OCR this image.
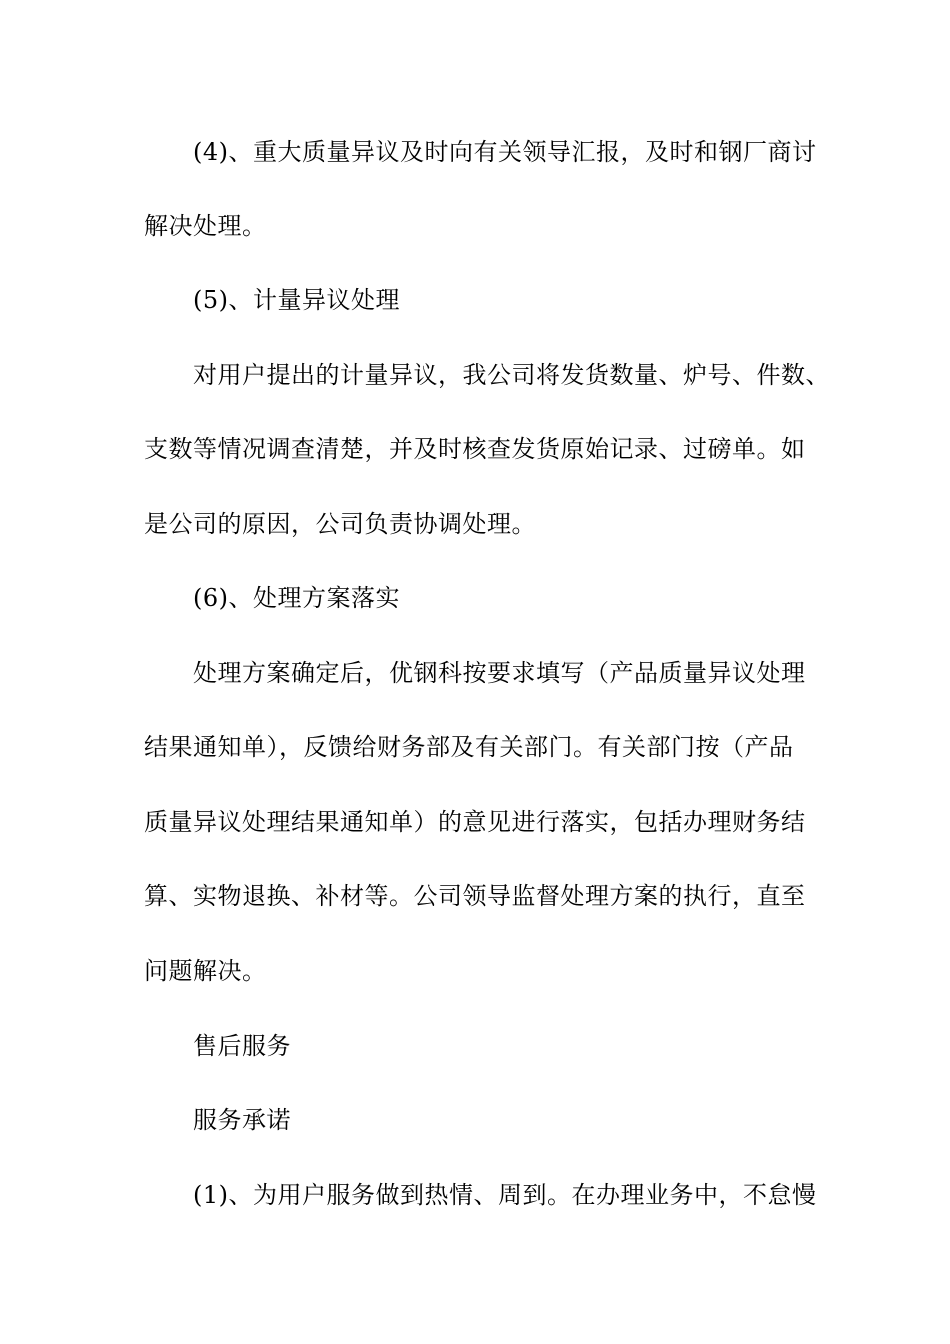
(4)、重大质量异议及时向有关领导汇报，及时和钢厂商讨
解决处理。
(5)、计量异议处理
对用户提出的计量异议，我公司将发货数量、炉号、件数、
支数等情况调查清楚，并及时核查发货原始记录、过磅单。如
是公司的原因，公司负责协调处理。
(6)、处理方案落实
处理方案确定后，优钢科按要求填写（产品质量异议处理
结果通知单），反馈给财务部及有关部门。有关部门按（产品
质量异议处理结果通知单）的意见进行落实，包括办理财务结
算、实物退换、补材等。公司领导监督处理方案的执行，直至
问题解决。
售后服务
服务承诺
(1)、为用户服务做到热情、周到。在办理业务中，不怠慢
